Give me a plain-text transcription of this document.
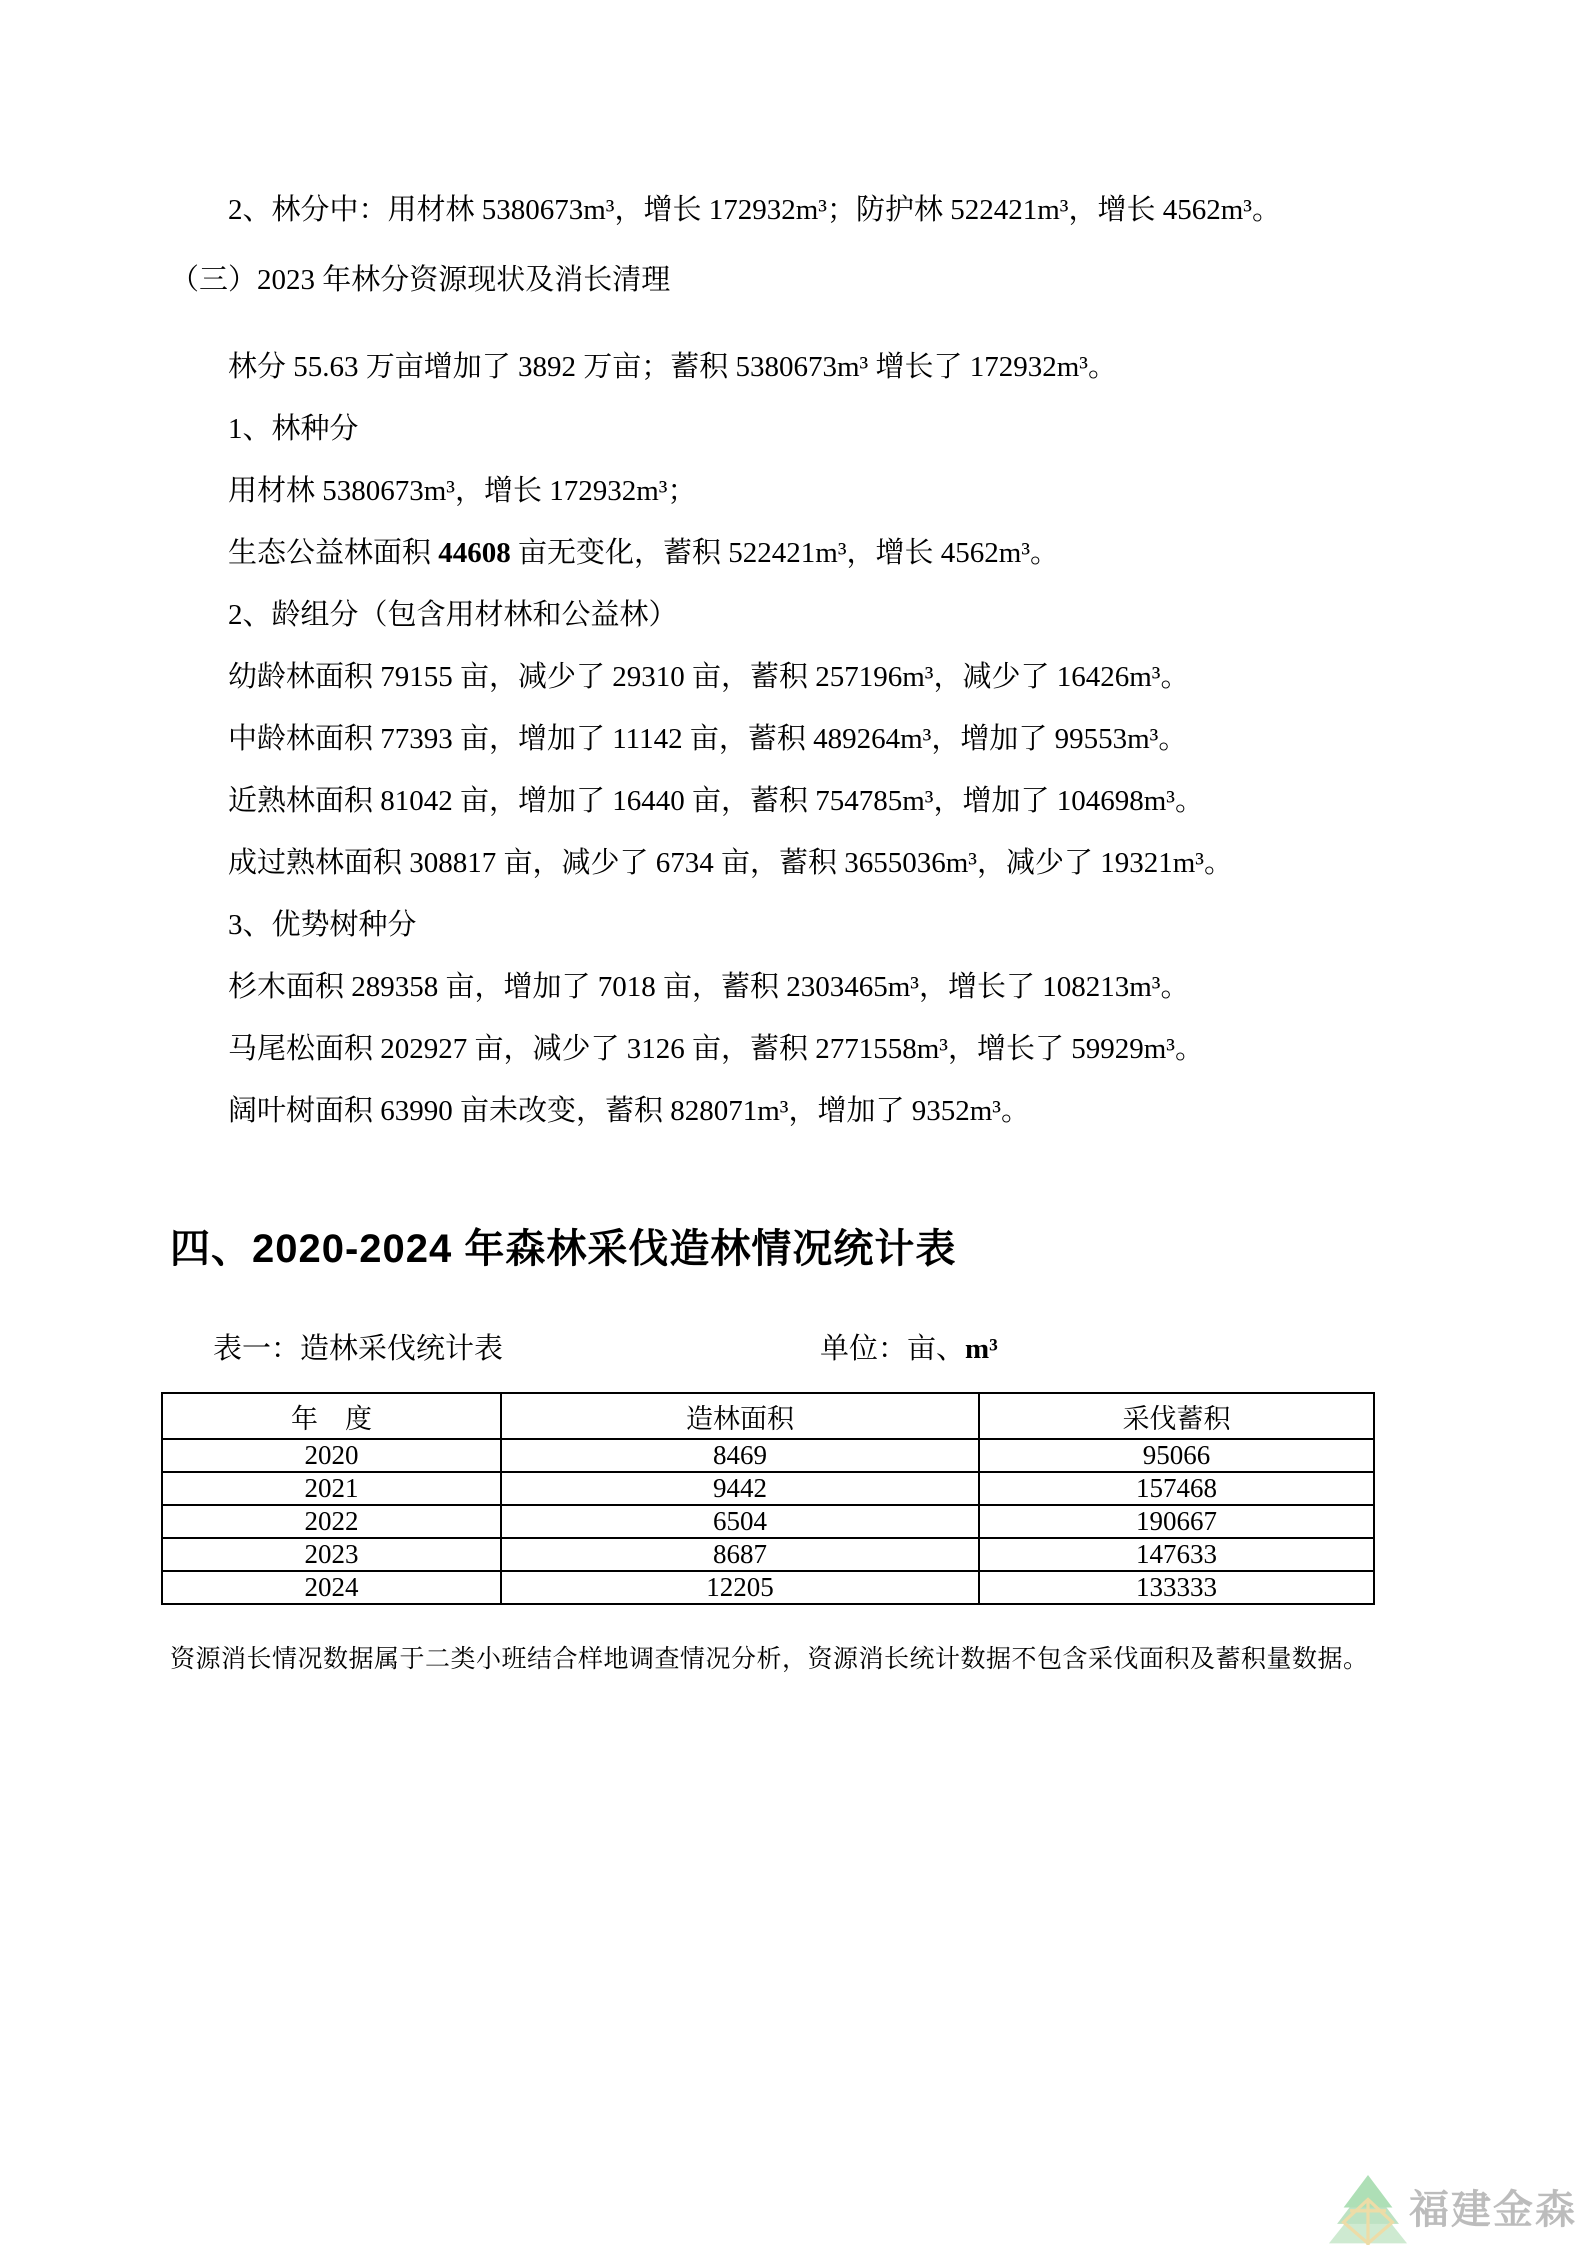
2、林分中：用材林 5380673m³，增长 172932m³；防护林 522421m³，增长 4562m³。

（三）2023 年林分资源现状及消长清理

林分 55.63 万亩增加了 3892 万亩；蓄积 5380673m³ 增长了 172932m³。

1、林种分

用材林 5380673m³，增长 172932m³；

生态公益林面积 44608 亩无变化，蓄积 522421m³，增长 4562m³。

2、龄组分（包含用材林和公益林）

幼龄林面积 79155 亩，减少了 29310 亩，蓄积 257196m³，减少了 16426m³。

中龄林面积 77393 亩，增加了 11142 亩，蓄积 489264m³，增加了 99553m³。

近熟林面积 81042 亩，增加了 16440 亩，蓄积 754785m³，增加了 104698m³。

成过熟林面积 308817 亩，减少了 6734 亩，蓄积 3655036m³，减少了 19321m³。

3、优势树种分

杉木面积 289358 亩，增加了 7018 亩，蓄积 2303465m³，增长了 108213m³。

马尾松面积 202927 亩，减少了 3126 亩，蓄积 2771558m³，增长了 59929m³。

阔叶树面积 63990 亩未改变，蓄积 828071m³，增加了 9352m³。

四、2020-2024 年森林采伐造林情况统计表
表一：造林采伐统计表	单位：亩、m³
年　度	造林面积	采伐蓄积
2020	8469	95066
2021	9442	157468
2022	6504	190667
2023	8687	147633
2024	12205	133333

资源消长情况数据属于二类小班结合样地调查情况分析，资源消长统计数据不包含采伐面积及蓄积量数据。

福建金森
